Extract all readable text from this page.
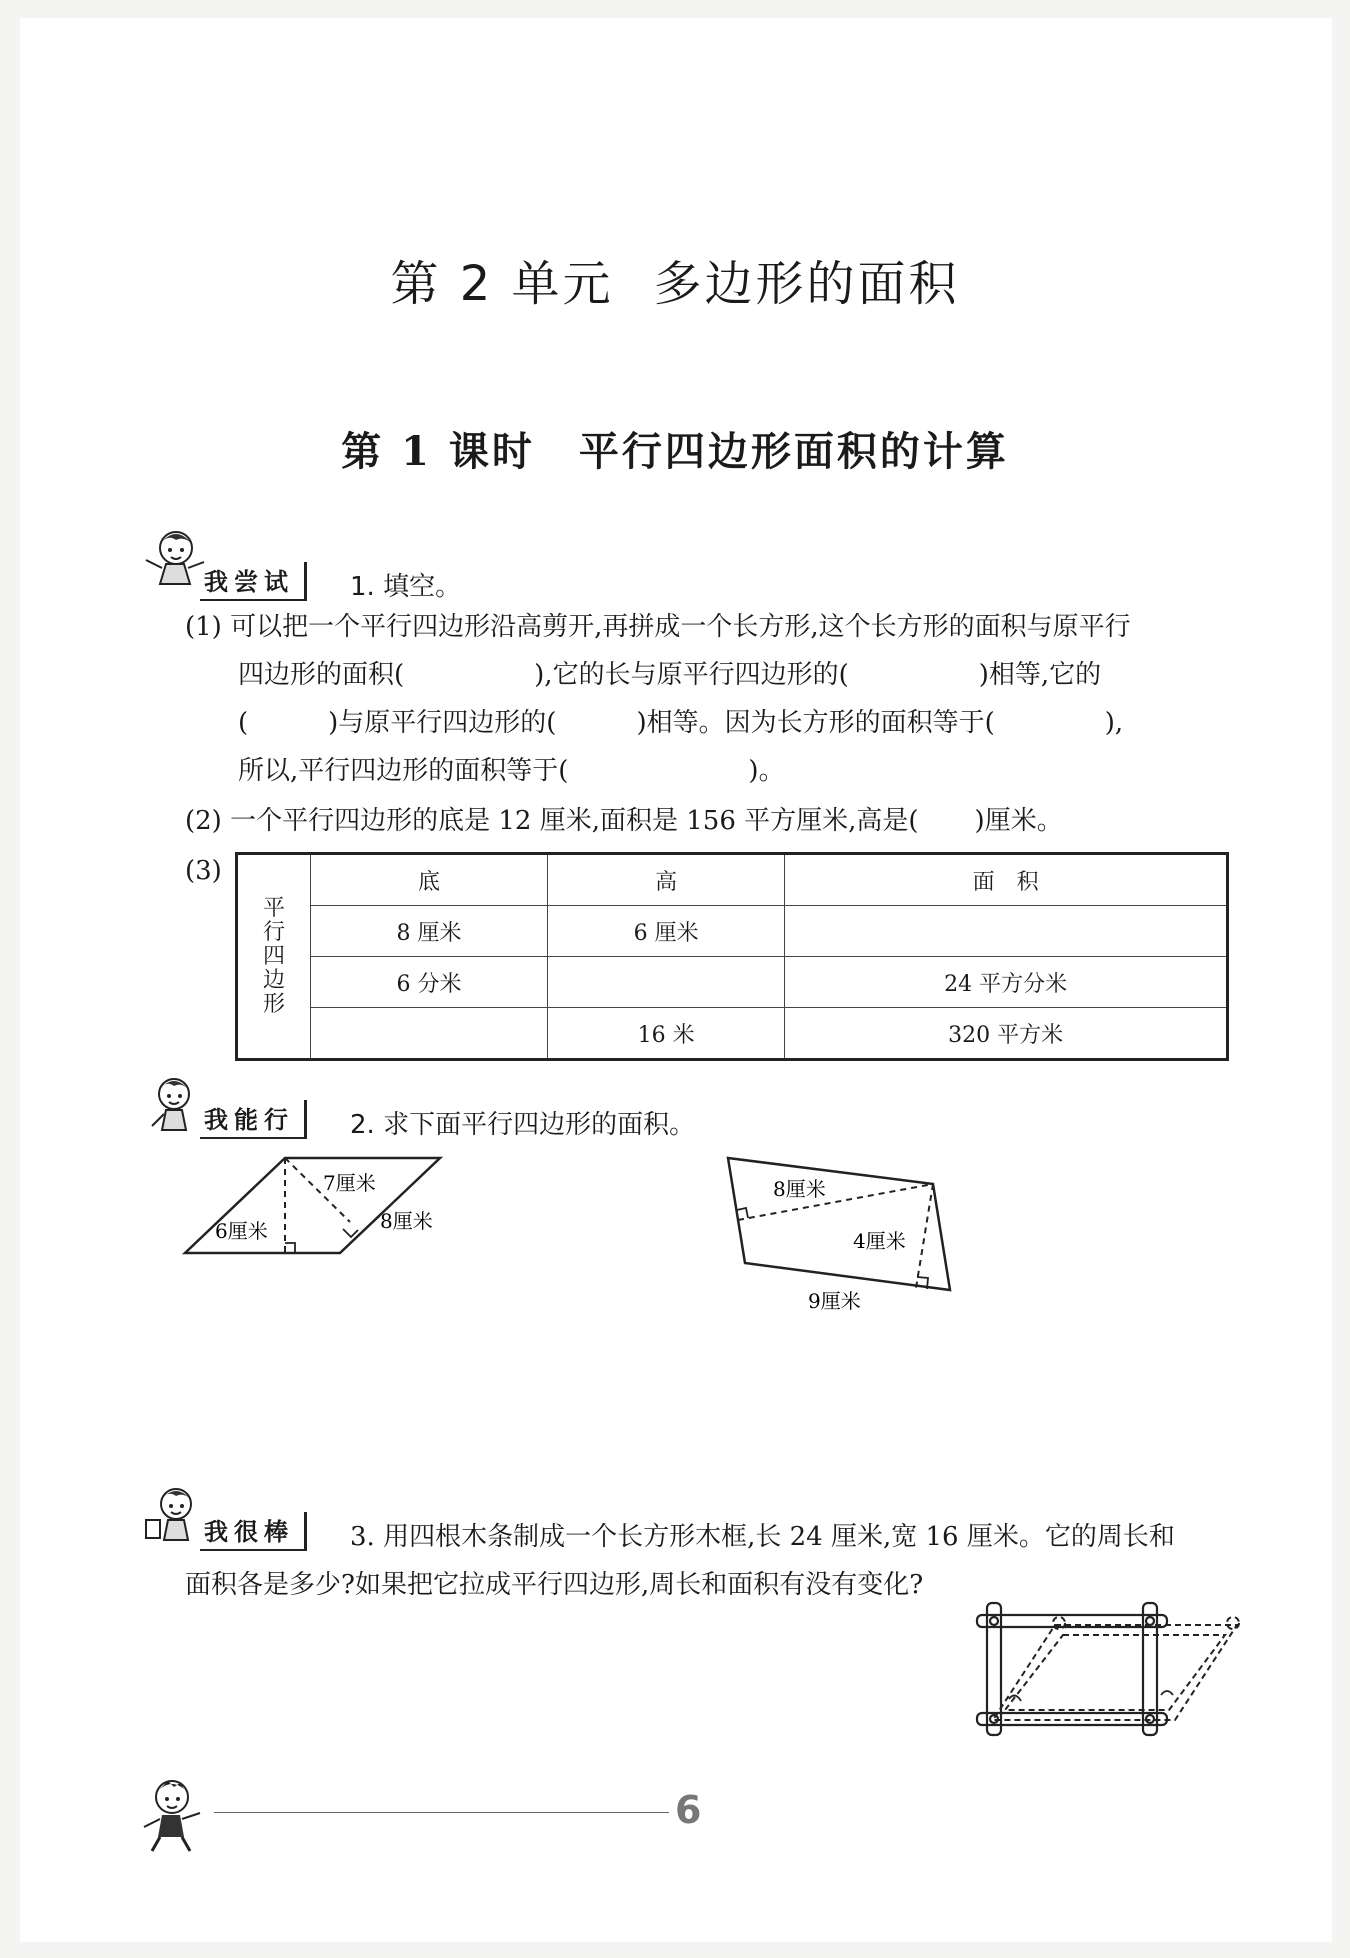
第 2 单元 多边形的面积
第 1 课时 平行四边形面积的计算
我尝试	1. 填空。
(1) 可以把一个平行四边形沿高剪开,再拼成一个长方形,这个长方形的面积与原平行
四边形的面积(	),它的长与原平行四边形的(	)相等,它的
(	)与原平行四边形的(	)相等。因为长方形的面积等于(	),
所以,平行四边形的面积等于(	)。
(2) 一个平行四边形的底是 12 厘米,面积是 156 平方厘米,高是( )厘米。
(3)
平
行
四
边
形	底	高	面　积
	8 厘米	6 厘米	
	6 分米		24 平方分米
		16 米	320 平方米
我能行	2. 求下面平行四边形的面积。
7厘米
6厘米	8厘米
8厘米
4厘米
9厘米
我很棒	3. 用四根木条制成一个长方形木框,长 24 厘米,宽 16 厘米。它的周长和
面积各是多少?如果把它拉成平行四边形,周长和面积有没有变化?
6
